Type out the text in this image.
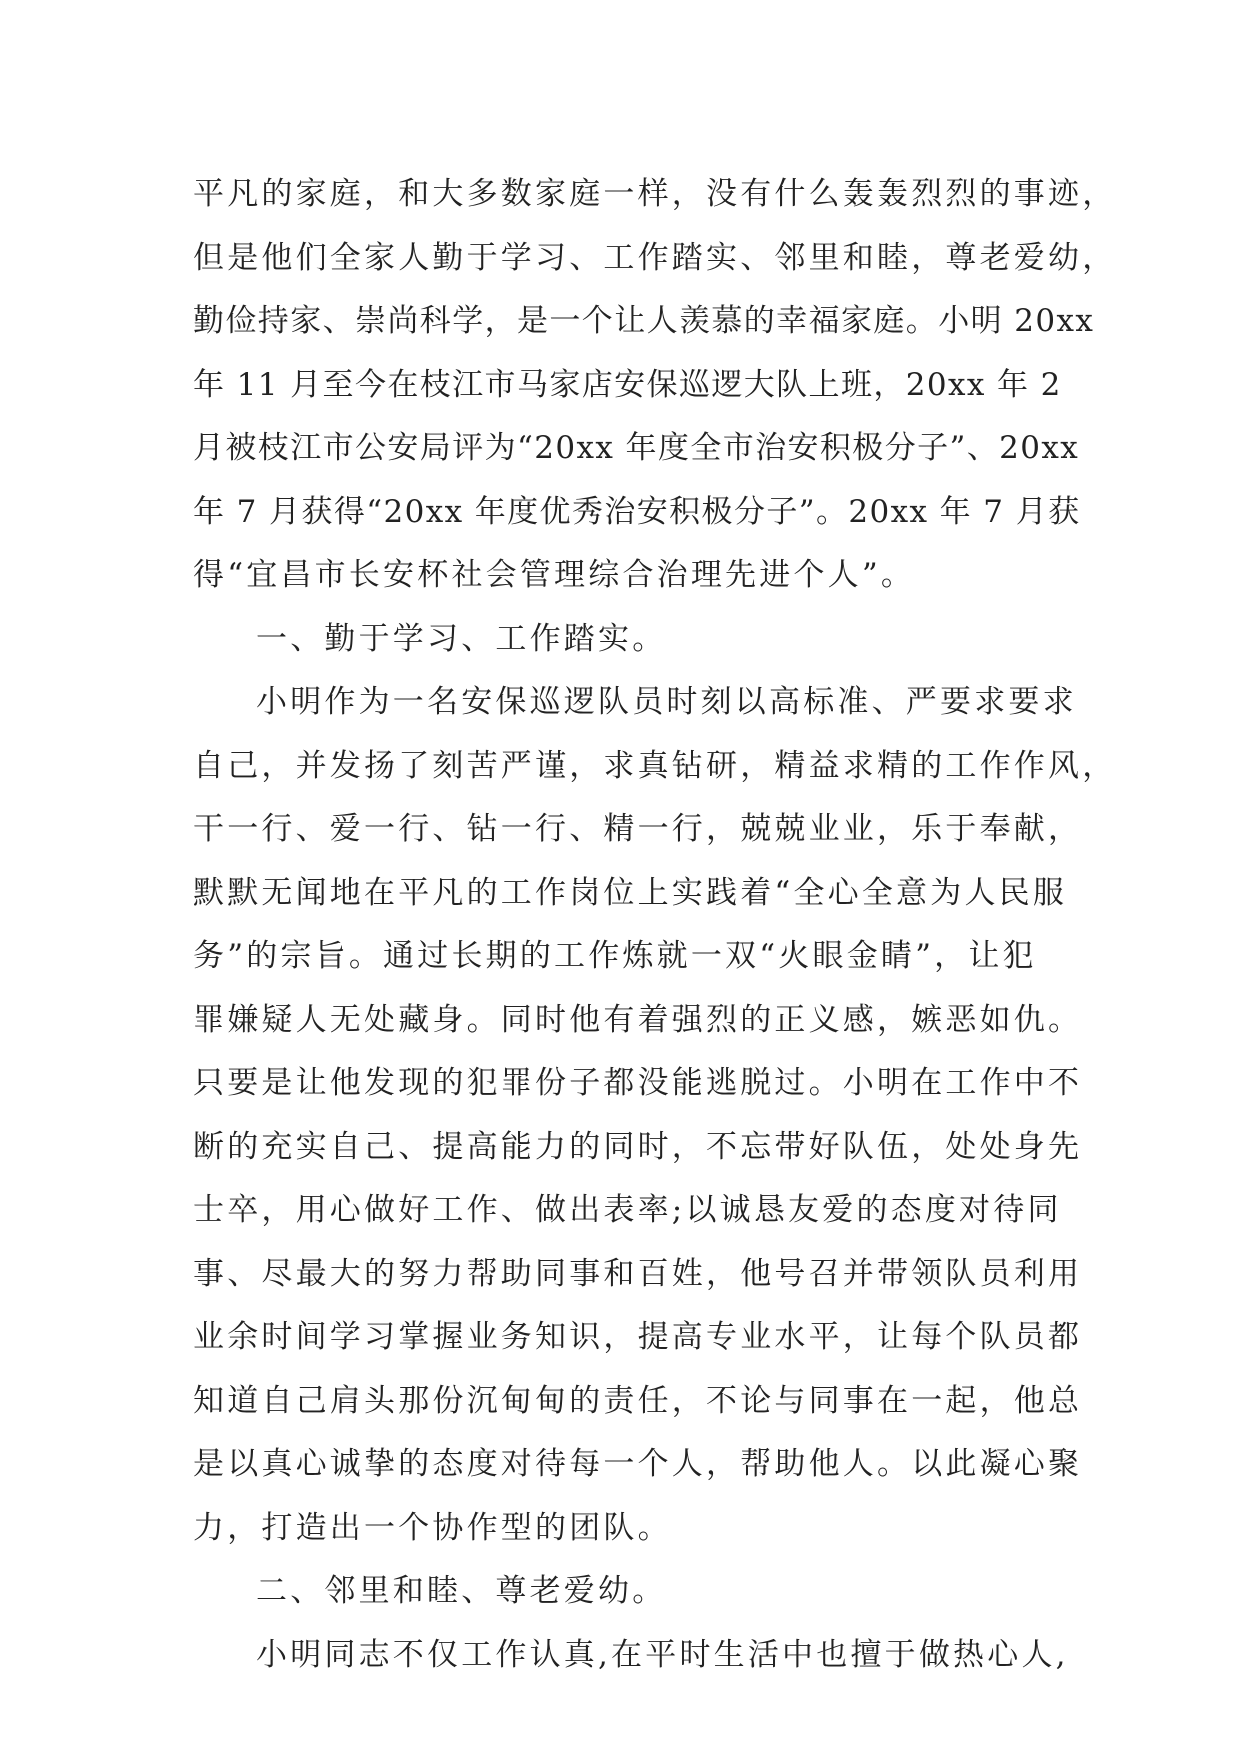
平凡的家庭，和大多数家庭一样，没有什么轰轰烈烈的事迹，

但是他们全家人勤于学习、工作踏实、邻里和睦，尊老爱幼，

勤俭持家、崇尚科学，是一个让人羡慕的幸福家庭。小明 20xx

年 11 月至今在枝江市马家店安保巡逻大队上班，20xx 年 2

月被枝江市公安局评为“20xx 年度全市治安积极分子”、20xx

年 7 月获得“20xx 年度优秀治安积极分子”。20xx 年 7 月获

得“宜昌市长安杯社会管理综合治理先进个人”。

一、勤于学习、工作踏实。

小明作为一名安保巡逻队员时刻以高标准、严要求要求

自己，并发扬了刻苦严谨，求真钻研，精益求精的工作作风，

干一行、爱一行、钻一行、精一行，兢兢业业，乐于奉献，

默默无闻地在平凡的工作岗位上实践着“全心全意为人民服

务”的宗旨。通过长期的工作炼就一双“火眼金睛”，让犯

罪嫌疑人无处藏身。同时他有着强烈的正义感，嫉恶如仇。

只要是让他发现的犯罪份子都没能逃脱过。小明在工作中不

断的充实自己、提高能力的同时，不忘带好队伍，处处身先

士卒，用心做好工作、做出表率;以诚恳友爱的态度对待同

事、尽最大的努力帮助同事和百姓，他号召并带领队员利用

业余时间学习掌握业务知识，提高专业水平，让每个队员都

知道自己肩头那份沉甸甸的责任，不论与同事在一起，他总

是以真心诚挚的态度对待每一个人，帮助他人。以此凝心聚

力，打造出一个协作型的团队。

二、邻里和睦、尊老爱幼。

小明同志不仅工作认真,在平时生活中也擅于做热心人,
